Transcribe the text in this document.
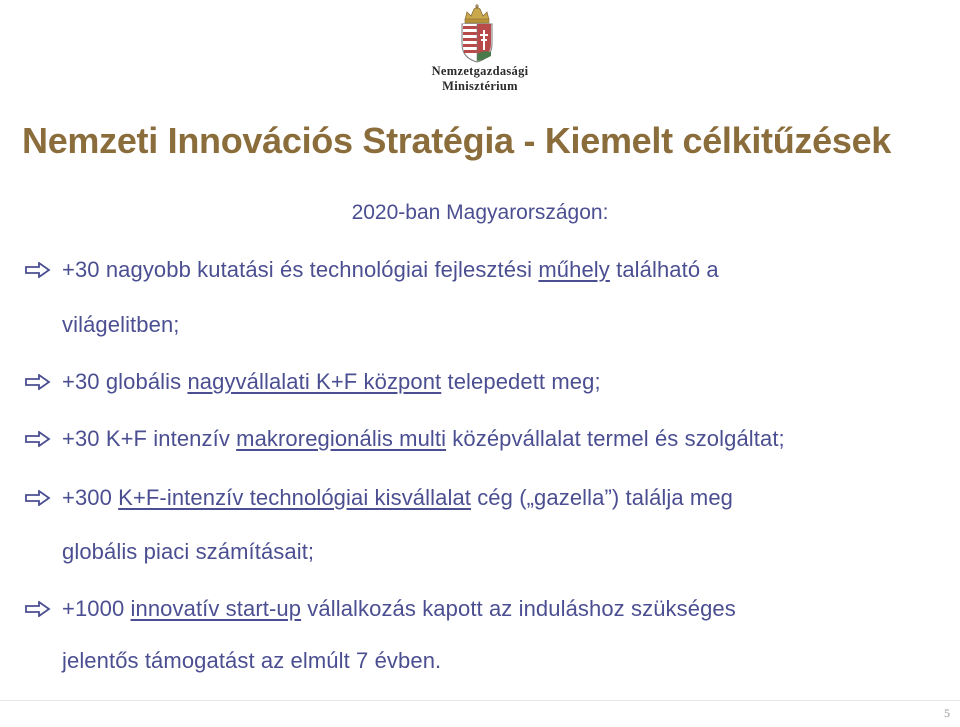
Nemzetgazdasági
Minisztérium
Nemzeti Innovációs Stratégia - Kiemelt célkitűzések
2020-ban Magyarországon:
+30 nagyobb kutatási és technológiai fejlesztési műhely található a
világelitben;
+30 globális nagyvállalati K+F központ telepedett meg;
+30 K+F intenzív makroregionális multi középvállalat termel és szolgáltat;
+300 K+F-intenzív technológiai kisvállalat cég („gazella”) találja meg
globális piaci számításait;
+1000 innovatív start-up vállalkozás kapott az induláshoz szükséges
jelentős támogatást az elmúlt 7 évben.
5
